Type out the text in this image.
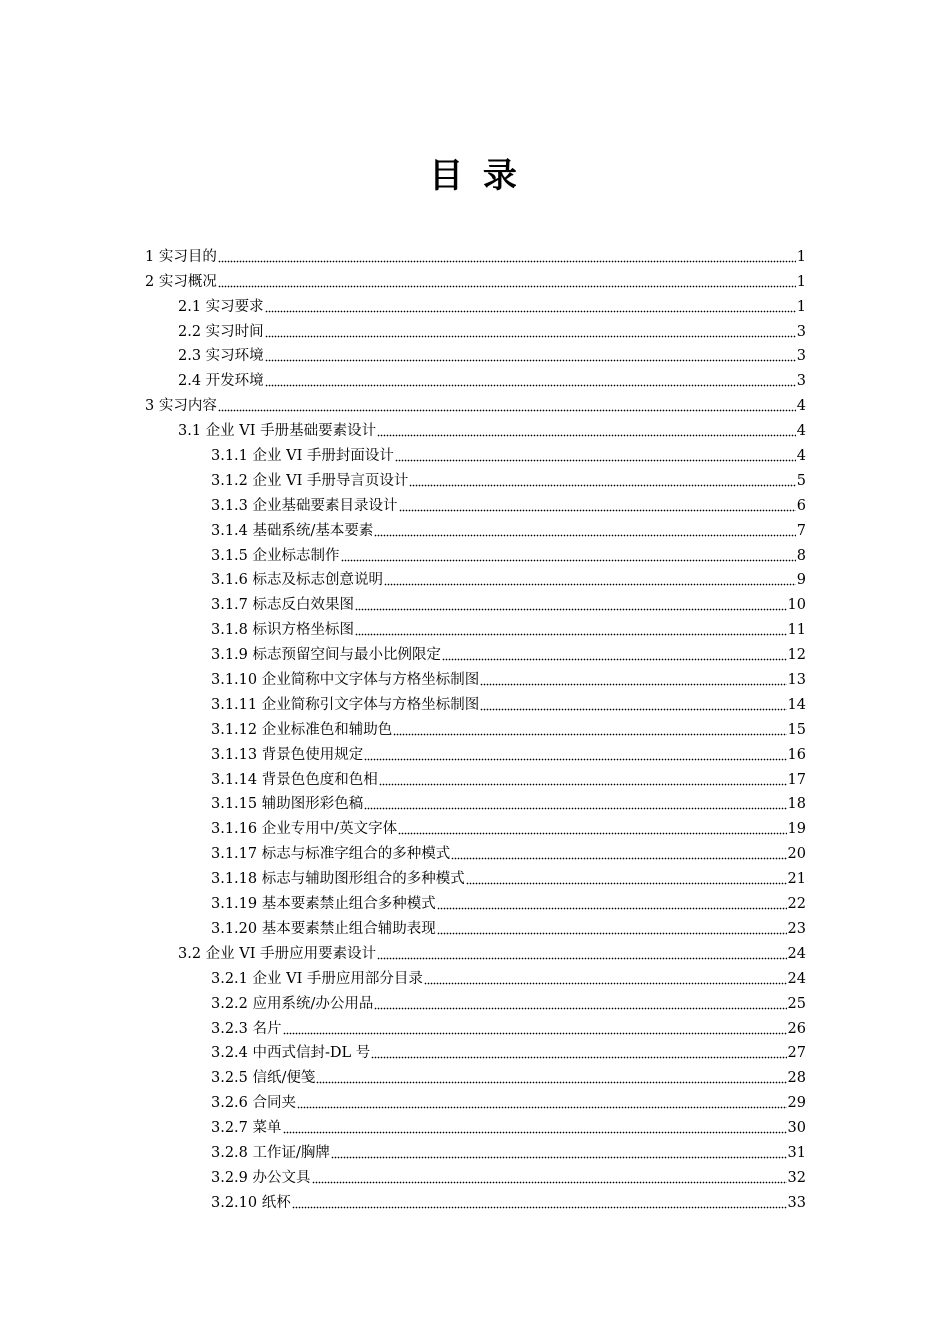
目 录
1 实习目的	1
2 实习概况	1
2.1 实习要求	1
2.2 实习时间	3
2.3 实习环境	3
2.4 开发环境	3
3 实习内容	4
3.1 企业 VI 手册基础要素设计	4
3.1.1 企业 VI 手册封面设计	4
3.1.2 企业 VI 手册导言页设计	5
3.1.3 企业基础要素目录设计	6
3.1.4 基础系统/基本要素	7
3.1.5 企业标志制作	8
3.1.6 标志及标志创意说明	9
3.1.7 标志反白效果图	10
3.1.8 标识方格坐标图	11
3.1.9 标志预留空间与最小比例限定	12
3.1.10 企业简称中文字体与方格坐标制图	13
3.1.11 企业简称引文字体与方格坐标制图	14
3.1.12 企业标准色和辅助色	15
3.1.13 背景色使用规定	16
3.1.14 背景色色度和色相	17
3.1.15 辅助图形彩色稿	18
3.1.16 企业专用中/英文字体	19
3.1.17 标志与标准字组合的多种模式	20
3.1.18 标志与辅助图形组合的多种模式	21
3.1.19 基本要素禁止组合多种模式	22
3.1.20 基本要素禁止组合辅助表现	23
3.2 企业 VI 手册应用要素设计	24
3.2.1 企业 VI 手册应用部分目录	24
3.2.2 应用系统/办公用品	25
3.2.3 名片	26
3.2.4 中西式信封-DL 号	27
3.2.5 信纸/便笺	28
3.2.6 合同夹	29
3.2.7 菜单	30
3.2.8 工作证/胸牌	31
3.2.9 办公文具	32
3.2.10 纸杯	33
